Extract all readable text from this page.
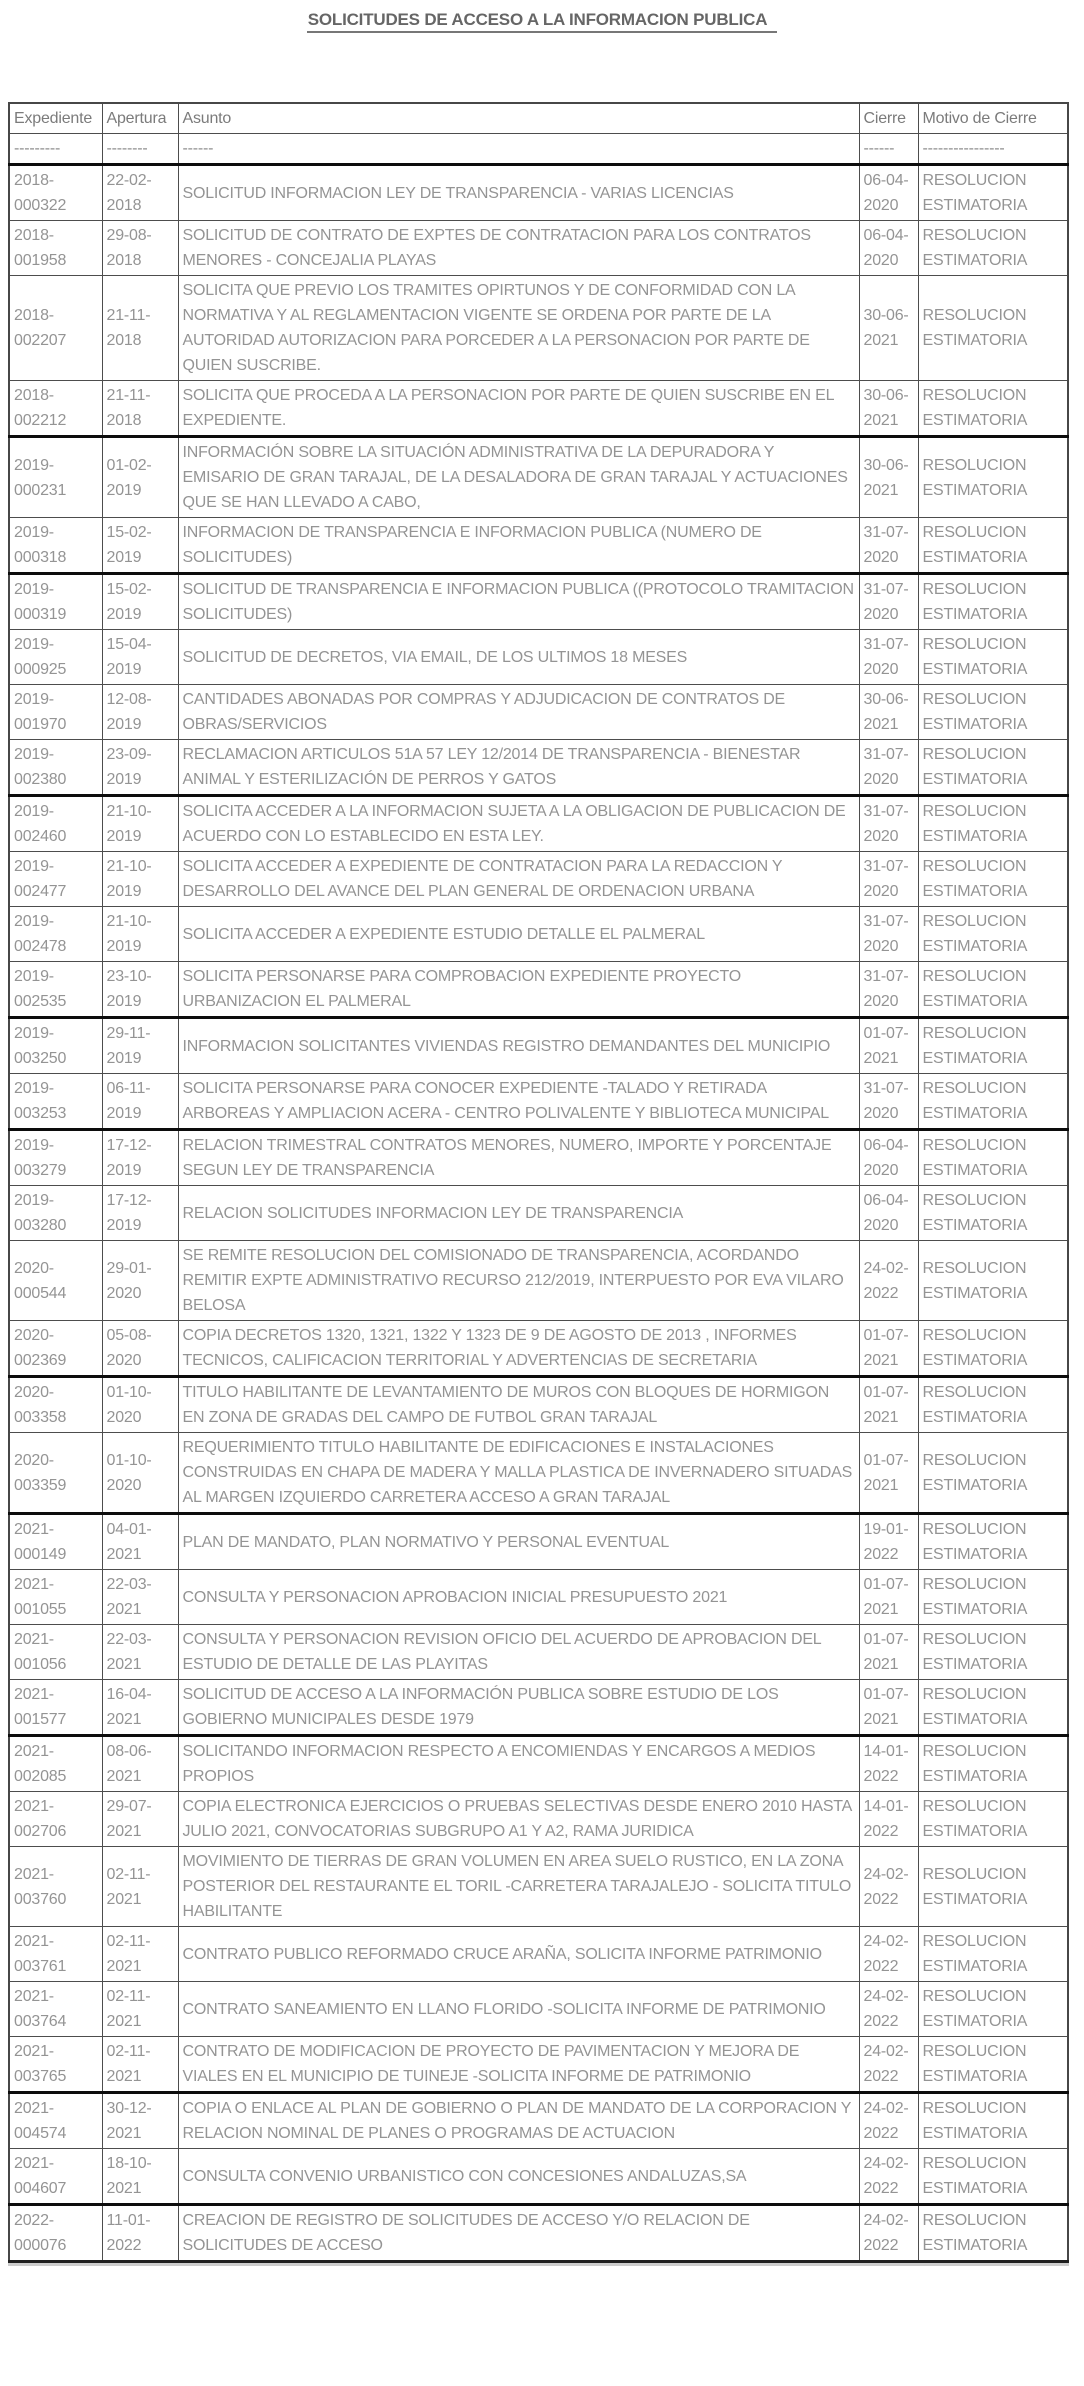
SOLICITUDES DE ACCESO A LA INFORMACION PUBLICA
Expediente	Apertura	Asunto	Cierre	Motivo de Cierre
---------	--------	------	------	----------------
2018-000322	22-02-2018	SOLICITUD INFORMACION LEY DE TRANSPARENCIA - VARIAS LICENCIAS	06-04-2020	RESOLUCION ESTIMATORIA
2018-001958	29-08-2018	SOLICITUD DE CONTRATO DE EXPTES DE CONTRATACION PARA LOS CONTRATOS MENORES - CONCEJALIA PLAYAS	06-04-2020	RESOLUCION ESTIMATORIA
2018-002207	21-11-2018	SOLICITA QUE PREVIO LOS TRAMITES OPIRTUNOS Y DE CONFORMIDAD CON LA NORMATIVA Y AL REGLAMENTACION VIGENTE SE ORDENA POR PARTE DE LA AUTORIDAD AUTORIZACION PARA PORCEDER A LA PERSONACION POR PARTE DE QUIEN SUSCRIBE.	30-06-2021	RESOLUCION ESTIMATORIA
2018-002212	21-11-2018	SOLICITA QUE PROCEDA A LA PERSONACION POR PARTE DE QUIEN SUSCRIBE EN EL EXPEDIENTE.	30-06-2021	RESOLUCION ESTIMATORIA
2019-000231	01-02-2019	INFORMACIÓN SOBRE LA SITUACIÓN ADMINISTRATIVA DE LA DEPURADORA Y EMISARIO DE GRAN TARAJAL, DE LA DESALADORA DE GRAN TARAJAL Y ACTUACIONES QUE SE HAN LLEVADO A CABO,	30-06-2021	RESOLUCION ESTIMATORIA
2019-000318	15-02-2019	INFORMACION DE TRANSPARENCIA E INFORMACION PUBLICA (NUMERO DE SOLICITUDES)	31-07-2020	RESOLUCION ESTIMATORIA
2019-000319	15-02-2019	SOLICITUD DE TRANSPARENCIA E INFORMACION PUBLICA ((PROTOCOLO TRAMITACION SOLICITUDES)	31-07-2020	RESOLUCION ESTIMATORIA
2019-000925	15-04-2019	SOLICITUD DE DECRETOS, VIA EMAIL, DE LOS ULTIMOS 18 MESES	31-07-2020	RESOLUCION ESTIMATORIA
2019-001970	12-08-2019	CANTIDADES ABONADAS POR COMPRAS Y ADJUDICACION DE CONTRATOS DE OBRAS/SERVICIOS	30-06-2021	RESOLUCION ESTIMATORIA
2019-002380	23-09-2019	RECLAMACION ARTICULOS 51A 57 LEY 12/2014 DE TRANSPARENCIA - BIENESTAR ANIMAL Y ESTERILIZACIÓN DE PERROS Y GATOS	31-07-2020	RESOLUCION ESTIMATORIA
2019-002460	21-10-2019	SOLICITA ACCEDER A LA INFORMACION SUJETA A LA OBLIGACION DE PUBLICACION DE ACUERDO CON LO ESTABLECIDO EN ESTA LEY.	31-07-2020	RESOLUCION ESTIMATORIA
2019-002477	21-10-2019	SOLICITA ACCEDER A EXPEDIENTE DE CONTRATACION PARA LA REDACCION Y DESARROLLO DEL AVANCE DEL PLAN GENERAL DE ORDENACION URBANA	31-07-2020	RESOLUCION ESTIMATORIA
2019-002478	21-10-2019	SOLICITA ACCEDER A EXPEDIENTE ESTUDIO DETALLE EL PALMERAL	31-07-2020	RESOLUCION ESTIMATORIA
2019-002535	23-10-2019	SOLICITA PERSONARSE PARA COMPROBACION EXPEDIENTE PROYECTO URBANIZACION EL PALMERAL	31-07-2020	RESOLUCION ESTIMATORIA
2019-003250	29-11-2019	INFORMACION SOLICITANTES VIVIENDAS REGISTRO DEMANDANTES DEL MUNICIPIO	01-07-2021	RESOLUCION ESTIMATORIA
2019-003253	06-11-2019	SOLICITA PERSONARSE PARA CONOCER EXPEDIENTE -TALADO Y RETIRADA ARBOREAS Y AMPLIACION ACERA - CENTRO POLIVALENTE Y BIBLIOTECA MUNICIPAL	31-07-2020	RESOLUCION ESTIMATORIA
2019-003279	17-12-2019	RELACION TRIMESTRAL CONTRATOS MENORES, NUMERO, IMPORTE Y PORCENTAJE SEGUN LEY DE TRANSPARENCIA	06-04-2020	RESOLUCION ESTIMATORIA
2019-003280	17-12-2019	RELACION SOLICITUDES INFORMACION LEY DE TRANSPARENCIA	06-04-2020	RESOLUCION ESTIMATORIA
2020-000544	29-01-2020	SE REMITE RESOLUCION DEL COMISIONADO DE TRANSPARENCIA, ACORDANDO REMITIR EXPTE ADMINISTRATIVO RECURSO 212/2019, INTERPUESTO POR EVA VILARO BELOSA	24-02-2022	RESOLUCION ESTIMATORIA
2020-002369	05-08-2020	COPIA DECRETOS 1320, 1321, 1322 Y 1323 DE 9 DE AGOSTO DE 2013 , INFORMES TECNICOS, CALIFICACION TERRITORIAL Y ADVERTENCIAS DE SECRETARIA	01-07-2021	RESOLUCION ESTIMATORIA
2020-003358	01-10-2020	TITULO HABILITANTE DE LEVANTAMIENTO DE MUROS CON BLOQUES DE HORMIGON EN ZONA DE GRADAS DEL CAMPO DE FUTBOL GRAN TARAJAL	01-07-2021	RESOLUCION ESTIMATORIA
2020-003359	01-10-2020	REQUERIMIENTO TITULO HABILITANTE DE EDIFICACIONES E INSTALACIONES CONSTRUIDAS EN CHAPA DE MADERA Y MALLA PLASTICA DE INVERNADERO SITUADAS AL MARGEN IZQUIERDO CARRETERA ACCESO A GRAN TARAJAL	01-07-2021	RESOLUCION ESTIMATORIA
2021-000149	04-01-2021	PLAN DE MANDATO, PLAN NORMATIVO Y PERSONAL EVENTUAL	19-01-2022	RESOLUCION ESTIMATORIA
2021-001055	22-03-2021	CONSULTA Y PERSONACION APROBACION INICIAL PRESUPUESTO 2021	01-07-2021	RESOLUCION ESTIMATORIA
2021-001056	22-03-2021	CONSULTA Y PERSONACION REVISION OFICIO DEL ACUERDO DE APROBACION DEL ESTUDIO DE DETALLE DE LAS PLAYITAS	01-07-2021	RESOLUCION ESTIMATORIA
2021-001577	16-04-2021	SOLICITUD DE ACCESO A LA INFORMACIÓN PUBLICA SOBRE ESTUDIO DE LOS GOBIERNO MUNICIPALES DESDE 1979	01-07-2021	RESOLUCION ESTIMATORIA
2021-002085	08-06-2021	SOLICITANDO INFORMACION RESPECTO A ENCOMIENDAS Y ENCARGOS A MEDIOS PROPIOS	14-01-2022	RESOLUCION ESTIMATORIA
2021-002706	29-07-2021	COPIA ELECTRONICA EJERCICIOS O PRUEBAS SELECTIVAS DESDE ENERO 2010 HASTA JULIO 2021, CONVOCATORIAS SUBGRUPO A1 Y A2, RAMA JURIDICA	14-01-2022	RESOLUCION ESTIMATORIA
2021-003760	02-11-2021	MOVIMIENTO DE TIERRAS DE GRAN VOLUMEN EN AREA SUELO RUSTICO, EN LA ZONA POSTERIOR DEL RESTAURANTE EL TORIL -CARRETERA TARAJALEJO - SOLICITA TITULO HABILITANTE	24-02-2022	RESOLUCION ESTIMATORIA
2021-003761	02-11-2021	CONTRATO PUBLICO REFORMADO CRUCE ARAÑA, SOLICITA INFORME PATRIMONIO	24-02-2022	RESOLUCION ESTIMATORIA
2021-003764	02-11-2021	CONTRATO SANEAMIENTO EN LLANO FLORIDO -SOLICITA INFORME DE PATRIMONIO	24-02-2022	RESOLUCION ESTIMATORIA
2021-003765	02-11-2021	CONTRATO DE MODIFICACION DE PROYECTO DE PAVIMENTACION Y MEJORA DE VIALES EN EL MUNICIPIO DE TUINEJE -SOLICITA INFORME DE PATRIMONIO	24-02-2022	RESOLUCION ESTIMATORIA
2021-004574	30-12-2021	COPIA O ENLACE AL PLAN DE GOBIERNO O PLAN DE MANDATO DE LA CORPORACION Y RELACION NOMINAL DE PLANES O PROGRAMAS DE ACTUACION	24-02-2022	RESOLUCION ESTIMATORIA
2021-004607	18-10-2021	CONSULTA CONVENIO URBANISTICO CON CONCESIONES ANDALUZAS,SA	24-02-2022	RESOLUCION ESTIMATORIA
2022-000076	11-01-2022	CREACION DE REGISTRO DE SOLICITUDES DE ACCESO Y/O RELACION DE SOLICITUDES DE ACCESO	24-02-2022	RESOLUCION ESTIMATORIA
